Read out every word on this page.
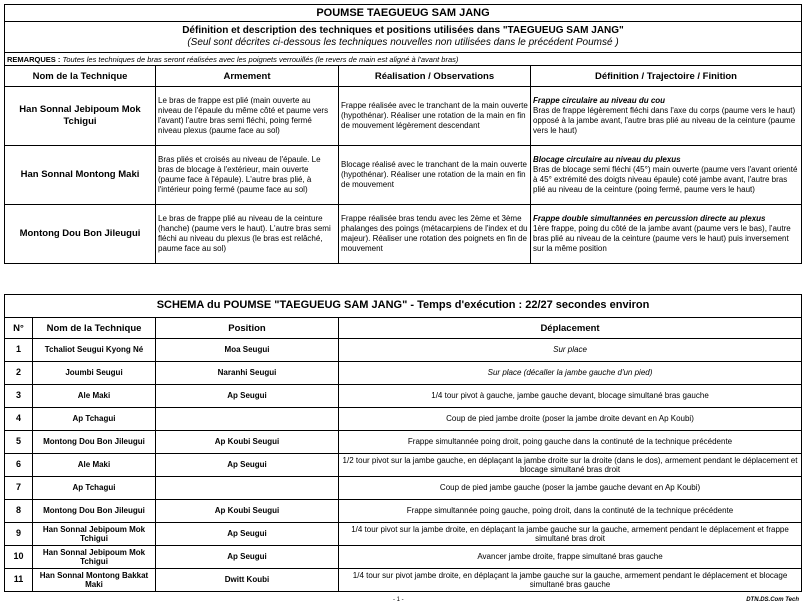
POUMSE TAEGUEUG SAM JANG			

Définition et description des techniques et positions utilisées dans "TAEGUEUG SAM JANG"
(Seul sont décrites ci-dessous les techniques nouvelles non utilisées dans le précédent Poumsé )			

REMARQUES : Toutes les techniques de bras seront réalisées avec les poignets verrouillés (le revers de main est aligné à l'avant bras)			
Nom de la Technique	Armement	Réalisation / Observations	Définition / Trajectoire / Finition
Han Sonnal Jebipoum Mok Tchigui	Le bras de frappe est plié (main ouverte au niveau de l'épaule du même côté et paume vers l'avant) l'autre bras semi fléchi, poing fermé niveau plexus (paume face au sol)	Frappe réalisée avec le tranchant de la main ouverte (hypothénar). Réaliser une rotation de la main en fin de mouvement légèrement descendant	Frappe circulaire au niveau du cou
Bras de frappe légèrement fléchi dans l'axe du corps (paume vers le haut) opposé à la jambe avant, l'autre bras plié au niveau de la ceinture (paume vers le haut)
Han Sonnal Montong Maki	Bras pliés et croisés au niveau de l'épaule. Le bras de blocage à l'extérieur, main ouverte (paume face à l'épaule). L'autre bras plié, à l'intérieur poing fermé (paume face au sol)	Blocage réalisé avec le tranchant de la main ouverte (hypothénar). Réaliser une rotation de la main en fin de mouvement	Blocage circulaire au niveau du plexus
Bras de blocage semi fléchi (45°) main ouverte (paume vers l'avant orienté à 45° extrémité des doigts niveau épaule) coté jambe avant, l'autre bras plié au niveau de la ceinture (poing fermé, paume vers le haut)
Montong Dou Bon Jileugui	Le bras de frappe plié au niveau de la ceinture (hanche) (paume vers le haut). L'autre bras semi fléchi au niveau du plexus (le bras est relâché, paume face au sol)	Frappe réalisée bras tendu avec les 2ème et 3ème phalanges des poings (métacarpiens de l'index et du majeur). Réaliser une rotation des poignets en fin de mouvement	Frappe double simultannées en percussion directe au plexus
1ère frappe, poing du côté de la jambe avant (paume vers le bas), l'autre bras plié au niveau de la ceinture (paume vers le haut) puis inversement sur la même position
SCHEMA du POUMSE "TAEGUEUG SAM JANG" - Temps d'exécution : 22/27 secondes environ			
N°	Nom de la Technique	Position	Déplacement
1	Tchaliot Seugui Kyong Né	Moa Seugui	Sur place
2	Joumbi Seugui	Naranhi Seugui	Sur place (décaller la jambe gauche d'un pied)
3	Ale Maki	Ap Seugui	1/4 tour pivot à gauche, jambe gauche devant, blocage simultané bras gauche
4	Ap Tchagui		Coup de pied jambe droite (poser la jambe droite devant en Ap Koubi)
5	Montong Dou Bon Jileugui	Ap Koubi Seugui	Frappe simultannée poing droit, poing gauche dans la continuté de la technique précédente
6	Ale Maki	Ap Seugui	1/2 tour pivot sur la jambe gauche, en déplaçant la jambe droite sur la droite (dans le dos), armement pendant le déplacement et blocage simultané bras droit
7	Ap Tchagui		Coup de pied jambe gauche (poser la jambe gauche devant en Ap Koubi)
8	Montong Dou Bon Jileugui	Ap Koubi Seugui	Frappe simultannée poing gauche, poing droit, dans la continuté de la technique précédente
9	Han Sonnal Jebipoum Mok Tchigui	Ap Seugui	1/4 tour pivot sur la jambe droite, en déplaçant la jambe gauche sur la gauche, armement pendant le déplacement et frappe simultané bras droit
10	Han Sonnal Jebipoum Mok Tchigui	Ap Seugui	Avancer jambe droite, frappe simultané bras gauche
11	Han Sonnal Montong Bakkat Maki	Dwitt Koubi	1/4 tour sur pivot jambe droite, en déplaçant la jambe gauche sur la gauche, armement pendant le déplacement et blocage simultané bras gauche
- 1 -	DTN.DS.Com Tech
